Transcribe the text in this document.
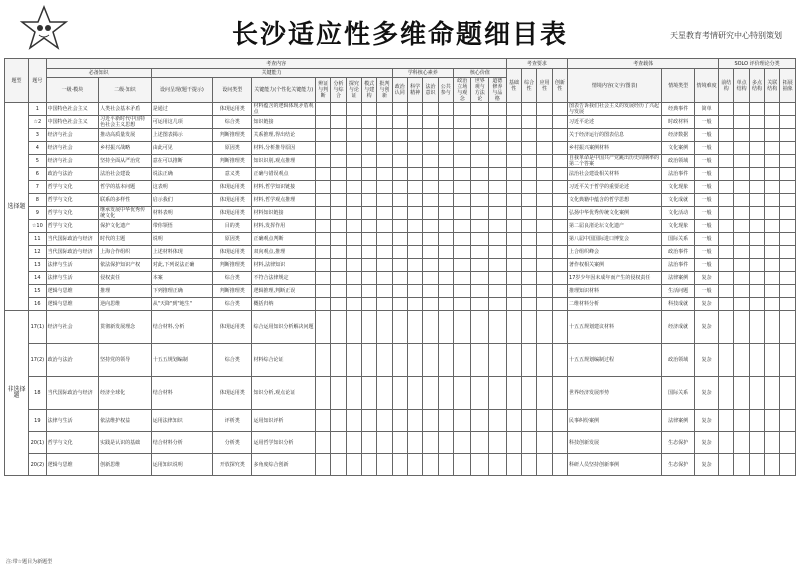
长沙适应性多维命题细目表	天星教育考情研究中心特别策划
题型	题号	考查内容																	考查要求				考查载体			SOLO 评价理论分类				
		必备知识		关键能力								学科核心素养				核心价值			基础性	综合性	应用性	创新性	情境内容(文字/图表)	情境类型	情境难度	前结构	单点结构	多点结构	关联结构	拓展抽象
		一级·模块	二级·知识	设问呈现(题干提示)	设问类型	关键能力(个性化关键能力)	辨证与判断	分析与综合	探究与论证	模式与建构	批判与创新	政治认同	科学精神	法治意识	公共参与	政治立场与观念	世界观与方法论	道德修养与品格												
选择题	1	中国特色社会主义	人类社会基本矛盾	是通过	体现运用类	材料蕴含的逻辑体现矛盾观点																	图表告诉我们社会主义的发展经历了兴起与发展	经典事件	简单					
	☆2	中国特色社会主义	习近平新时代中国特色社会主义思想	可运用这几项	综合类	知识链接																	习近平论述	时政材料	一般					
	3	经济与社会	推动高质量发展	上述图表揭示	判断推理类	关系推理,得出结论																	关于经济运行的图表信息	经济数据	一般					
	4	经济与社会	乡村振兴战略	由此可见	原因类	材料,分析推导原因																	乡村振兴案例材料	文化案例	一般					
	5	经济与社会	坚持全面从严治党	意在可以推断	判断推理类	知识识别,观点推理																	自我革命是中国共产党跳出历史周期率的第二个答案	政治领域	一般					
	6	政治与法治	法治社会建设	说法正确	意义类	正确与错误观点																	法治社会建设相关材料	法治事件	一般					
	7	哲学与文化	哲学的基本问题	这表明	体现运用类	材料,哲学知识链接																	习近平关于哲学的重要论述	文化现象	一般					
	8	哲学与文化	联系的多样性	启示我们	体现运用类	材料,哲学观点推理																	文化典籍中蕴含的哲学思想	文化成就	一般					
	9	哲学与文化	继承发展中华优秀传统文化	材料表明	体现运用类	材料知识链接																	弘扬中华优秀传统文化案例	文化活动	一般					
	☆10	哲学与文化	保护文化遗产	带你领悟	目的类	材料,发挥作用																	第二届良渚论坛文化遗产	文化现象	一般					
	11	当代国际政治与经济	时代的主题	说明	原因类	正确观点判断																	第八届中国国际进口博览会	国际关系	一般					
	12	当代国际政治与经济	上海合作组织	上述材料体现	体现运用类	双向观点,推理																	上合组织峰会	政治事件	一般					
	13	法律与生活	依法保护知识产权	对此,下列说法正确	判断推理类	材料,法律知识																	著作权相关案例	法治事件	一般					
	14	法律与生活	侵权责任	本案	综合类	不符合法律规定																	17岁少年因未成年而产生的侵权责任	法律案例	复杂					
	15	逻辑与思维	推理	下列推理正确	判断推理类	逻辑推理,判断正误																	推理知识材料	生活问题	一般					
	16	逻辑与思维	逆向思维	从"天降"到"地生"	综合类	概括归纳																	二维材料分析	科技成就	复杂					
非选择题	17(1)	经济与社会	贯彻新发展理念	结合材料,分析	体现运用类	综合运用知识分析解决问题																	十五五规划建议材料	经济成就	复杂					
	17(2)	政治与法治	坚持党的领导	十五五规划编制	综合类	材料综合论证																	十五五规划编制过程	政治领域	复杂					
	18	当代国际政治与经济	经济全球化	结合材料	体现运用类	知识分析,观点论证																	世界经济发展形势	国际关系	复杂					
	19	法律与生活	依法维护权益	运用法律知识	评析类	运用知识评析																	民事纠纷案例	法律案例	复杂					
	20(1)	哲学与文化	实践是认识的基础	结合材料分析	分析类	运用哲学知识分析																	科技创新发展	生态保护	复杂					
	20(2)	逻辑与思维	创新思维	运用知识说明	开放探究类	多角度综合创新																	科研人员坚持创新事例	生态保护	复杂					
注:带☆题目为新题型
